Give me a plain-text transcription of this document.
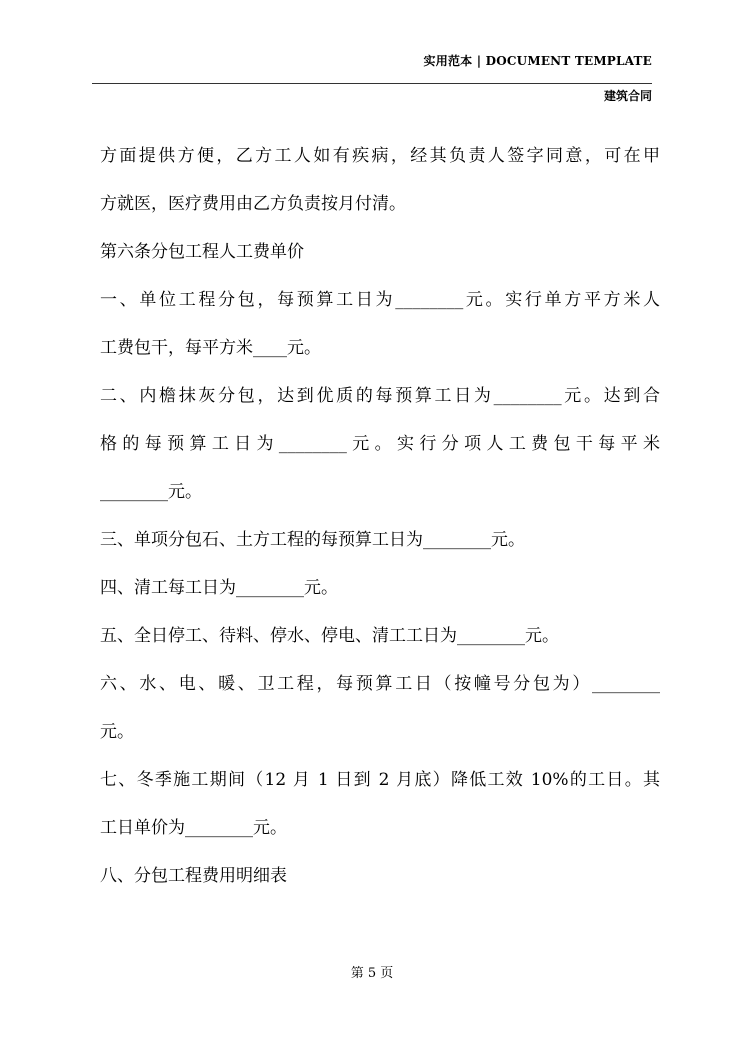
实用范本 | DOCUMENT TEMPLATE
建筑合同

方面提供方便，乙方工人如有疾病，经其负责人签字同意，可在甲

方就医，医疗费用由乙方负责按月付清。

第六条分包工程人工费单价

一、单位工程分包，每预算工日为________元。实行单方平方米人

工费包干，每平方米____元。

二、内檐抹灰分包，达到优质的每预算工日为________元。达到合

格的每预算工日为________元。实行分项人工费包干每平米

________元。

三、单项分包石、土方工程的每预算工日为________元。

四、清工每工日为________元。

五、全日停工、待料、停水、停电、清工工日为________元。

六、水、电、暖、卫工程，每预算工日（按幢号分包为）________

元。

七、冬季施工期间（12 月 1 日到 2 月底）降低工效 10%的工日。其

工日单价为________元。

八、分包工程费用明细表

第 5 页
